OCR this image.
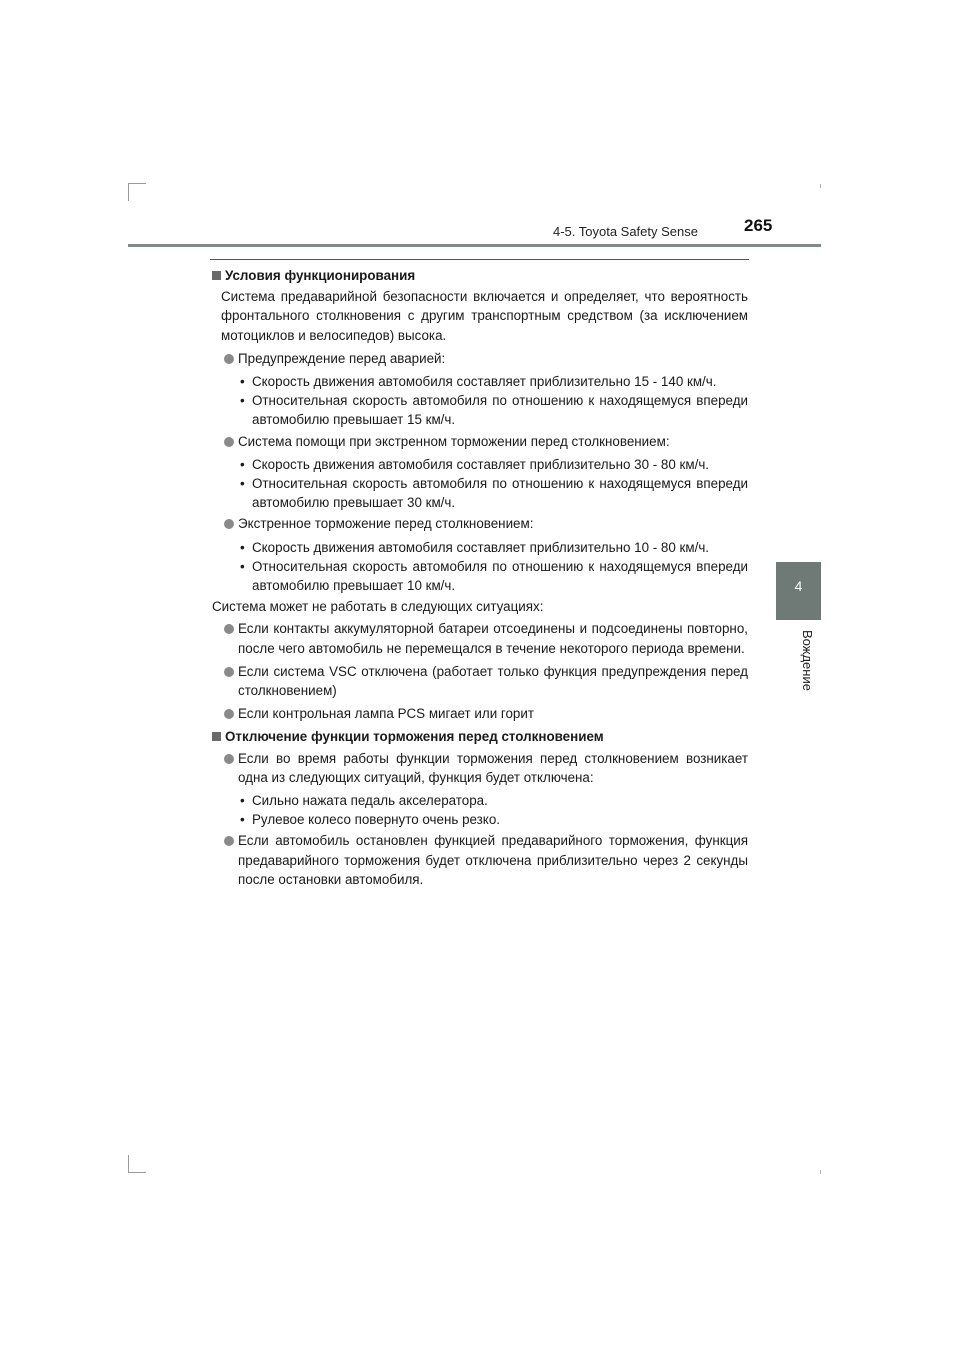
4-5. Toyota Safety Sense	265
4
Вождение
Условия функционирования
Система предаварийной безопасности включается и определяет, что вероятность фронтального столкновения с другим транспортным средством (за исключением мотоциклов и велосипедов) высока.
Предупреждение перед аварией:
• Скорость движения автомобиля составляет приблизительно 15 - 140 км/ч.
• Относительная скорость автомобиля по отношению к находящемуся впереди автомобилю превышает 15 км/ч.
Система помощи при экстренном торможении перед столкновением:
• Скорость движения автомобиля составляет приблизительно 30 - 80 км/ч.
• Относительная скорость автомобиля по отношению к находящемуся впереди автомобилю превышает 30 км/ч.
Экстренное торможение перед столкновением:
• Скорость движения автомобиля составляет приблизительно 10 - 80 км/ч.
• Относительная скорость автомобиля по отношению к находящемуся впереди автомобилю превышает 10 км/ч.
Система может не работать в следующих ситуациях:
Если контакты аккумуляторной батареи отсоединены и подсоединены повторно, после чего автомобиль не перемещался в течение некоторого периода времени.
Если система VSC отключена (работает только функция предупреждения перед столкновением)
Если контрольная лампа PCS мигает или горит
Отключение функции торможения перед столкновением
Если во время работы функции торможения перед столкновением возникает одна из следующих ситуаций, функция будет отключена:
• Сильно нажата педаль акселератора.
• Рулевое колесо повернуто очень резко.
Если автомобиль остановлен функцией предаварийного торможения, функция предаварийного торможения будет отключена приблизительно через 2 секунды после остановки автомобиля.
